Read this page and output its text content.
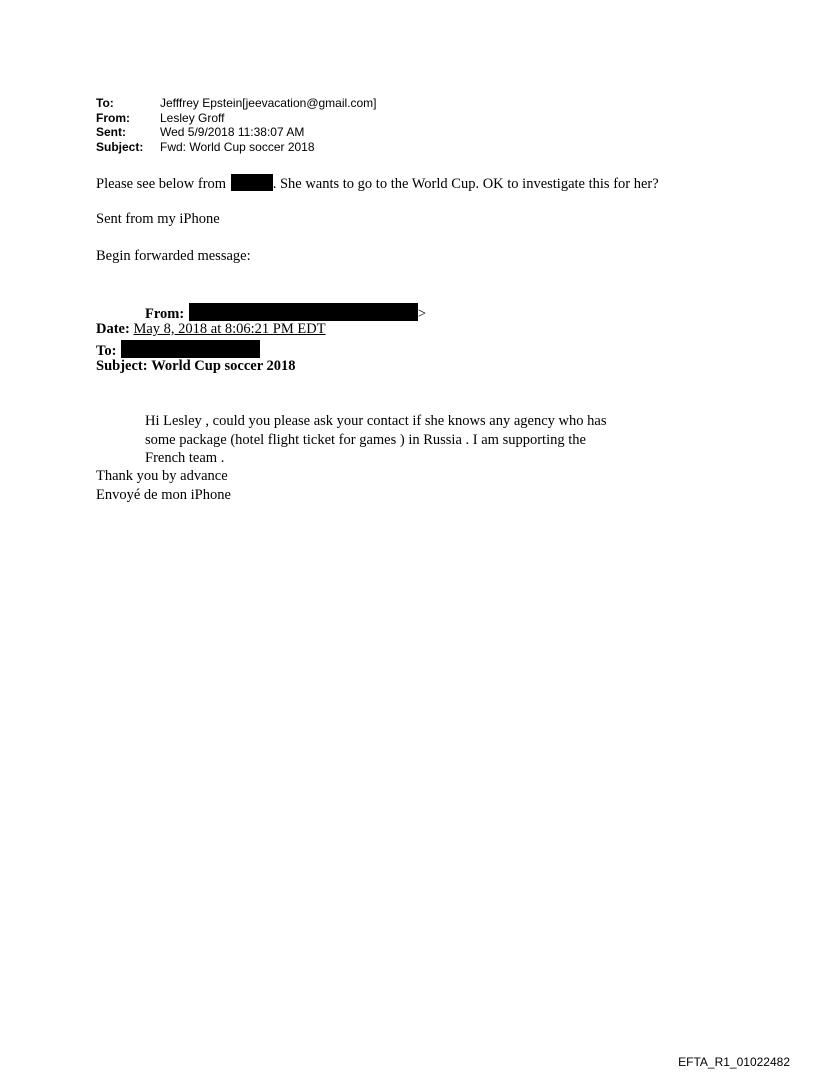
To:	Jefffrey Epstein[jeevacation@gmail.com]
From:	Lesley Groff
Sent:	Wed 5/9/2018 11:38:07 AM
Subject:	Fwd: World Cup soccer 2018
Please see below from	. She wants to go to the World Cup. OK to investigate this for her?
Sent from my iPhone
Begin forwarded message:
From:	>
Date: May 8, 2018 at 8:06:21 PM EDT
To:
Subject: World Cup soccer 2018
Hi Lesley , could you please ask your contact if she knows any agency who has
some package (hotel flight ticket for games ) in Russia . I am supporting the
French team .
Thank you by advance
Envoyé de mon iPhone
EFTA_R1_01022482
